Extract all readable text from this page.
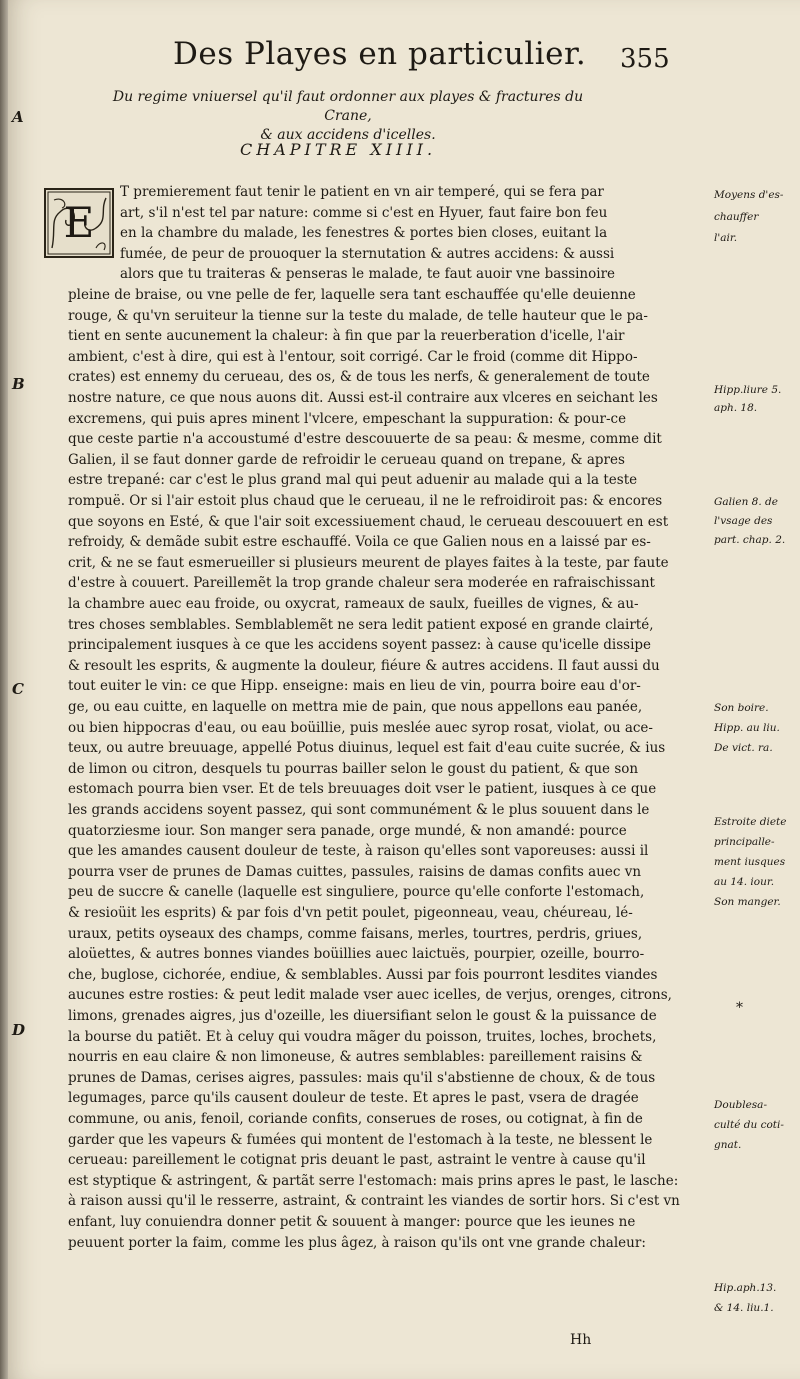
Des Playes en particulier. 355
A
B
C
D
Du regime vniuersel qu'il faut ordonner aux playes & fractures du Crane,
& aux accidens d'icelles.
CHAPITRE XIIII.
E
T premierement faut tenir le patient en vn air temperé, qui se fera par
art, s'il n'est tel par nature: comme si c'est en Hyuer, faut faire bon feu
en la chambre du malade, les fenestres & portes bien closes, euitant la
fumée, de peur de prouoquer la sternutation & autres accidens: & aussi
alors que tu traiteras & penseras le malade, te faut auoir vne bassinoire
pleine de braise, ou vne pelle de fer, laquelle sera tant eschauffée qu'elle deuienne
rouge, & qu'vn seruiteur la tienne sur la teste du malade, de telle hauteur que le pa-
tient en sente aucunement la chaleur: à fin que par la reuerberation d'icelle, l'air
ambient, c'est à dire, qui est à l'entour, soit corrigé. Car le froid (comme dit Hippo-
crates) est ennemy du cerueau, des os, & de tous les nerfs, & generalement de toute
nostre nature, ce que nous auons dit. Aussi est-il contraire aux vlceres en seichant les
excremens, qui puis apres minent l'vlcere, empeschant la suppuration: & pour-ce
que ceste partie n'a accoustumé d'estre descouuerte de sa peau: & mesme, comme dit
Galien, il se faut donner garde de refroidir le cerueau quand on trepane, & apres
estre trepané: car c'est le plus grand mal qui peut aduenir au malade qui a la teste
rompuë. Or si l'air estoit plus chaud que le cerueau, il ne le refroidiroit pas: & encores
que soyons en Esté, & que l'air soit excessiuement chaud, le cerueau descouuert en est
refroidy, & demãde subit estre eschauffé. Voila ce que Galien nous en a laissé par es-
crit, & ne se faut esmerueiller si plusieurs meurent de playes faites à la teste, par faute
d'estre à couuert. Pareillemẽt la trop grande chaleur sera moderée en rafraischissant
la chambre auec eau froide, ou oxycrat, rameaux de saulx, fueilles de vignes, & au-
tres choses semblables. Semblablemẽt ne sera ledit patient exposé en grande clairté,
principalement iusques à ce que les accidens soyent passez: à cause qu'icelle dissipe
& resoult les esprits, & augmente la douleur, fiéure & autres accidens. Il faut aussi du
tout euiter le vin: ce que Hipp. enseigne: mais en lieu de vin, pourra boire eau d'or-
ge, ou eau cuitte, en laquelle on mettra mie de pain, que nous appellons eau panée,
ou bien hippocras d'eau, ou eau boüillie, puis meslée auec syrop rosat, violat, ou ace-
teux, ou autre breuuage, appellé Potus diuinus, lequel est fait d'eau cuite sucrée, & ius
de limon ou citron, desquels tu pourras bailler selon le goust du patient, & que son
estomach pourra bien vser. Et de tels breuuages doit vser le patient, iusques à ce que
les grands accidens soyent passez, qui sont communément & le plus souuent dans le
quatorziesme iour. Son manger sera panade, orge mundé, & non amandé: pource
que les amandes causent douleur de teste, à raison qu'elles sont vaporeuses: aussi il
pourra vser de prunes de Damas cuittes, passules, raisins de damas confits auec vn
peu de succre & canelle (laquelle est singuliere, pource qu'elle conforte l'estomach,
& resioüit les esprits) & par fois d'vn petit poulet, pigeonneau, veau, chéureau, lé-
uraux, petits oyseaux des champs, comme faisans, merles, tourtres, perdris, griues,
aloüettes, & autres bonnes viandes boüillies auec laictuës, pourpier, ozeille, bourro-
che, buglose, cichorée, endiue, & semblables. Aussi par fois pourront lesdites viandes
aucunes estre rosties: & peut ledit malade vser auec icelles, de verjus, orenges, citrons,
limons, grenades aigres, jus d'ozeille, les diuersifiant selon le goust & la puissance de
la bourse du patiẽt. Et à celuy qui voudra mãger du poisson, truites, loches, brochets,
nourris en eau claire & non limoneuse, & autres semblables: pareillement raisins &
prunes de Damas, cerises aigres, passules: mais qu'il s'abstienne de choux, & de tous
legumages, parce qu'ils causent douleur de teste. Et apres le past, vsera de dragée
commune, ou anis, fenoil, coriande confits, conserues de roses, ou cotignat, à fin de
garder que les vapeurs & fumées qui montent de l'estomach à la teste, ne blessent le
cerueau: pareillement le cotignat pris deuant le past, astraint le ventre à cause qu'il
est styptique & astringent, & partãt serre l'estomach: mais prins apres le past, le lasche:
à raison aussi qu'il le resserre, astraint, & contraint les viandes de sortir hors. Si c'est vn
enfant, luy conuiendra donner petit & souuent à manger: pource que les ieunes ne
peuuent porter la faim, comme les plus âgez, à raison qu'ils ont vne grande chaleur:
Moyens d'es-
chauffer
l'air.
Hipp.liure 5.
aph. 18.
Galien 8. de
l'vsage des
part. chap. 2.
Son boire.
Hipp. au liu.
De vict. ra.
Estroite diete
principalle-
ment iusques
au 14. iour.
Son manger.
*
Doublesa-
culté du coti-
gnat.
Hip.aph.13.
& 14. liu.1.
Hh
